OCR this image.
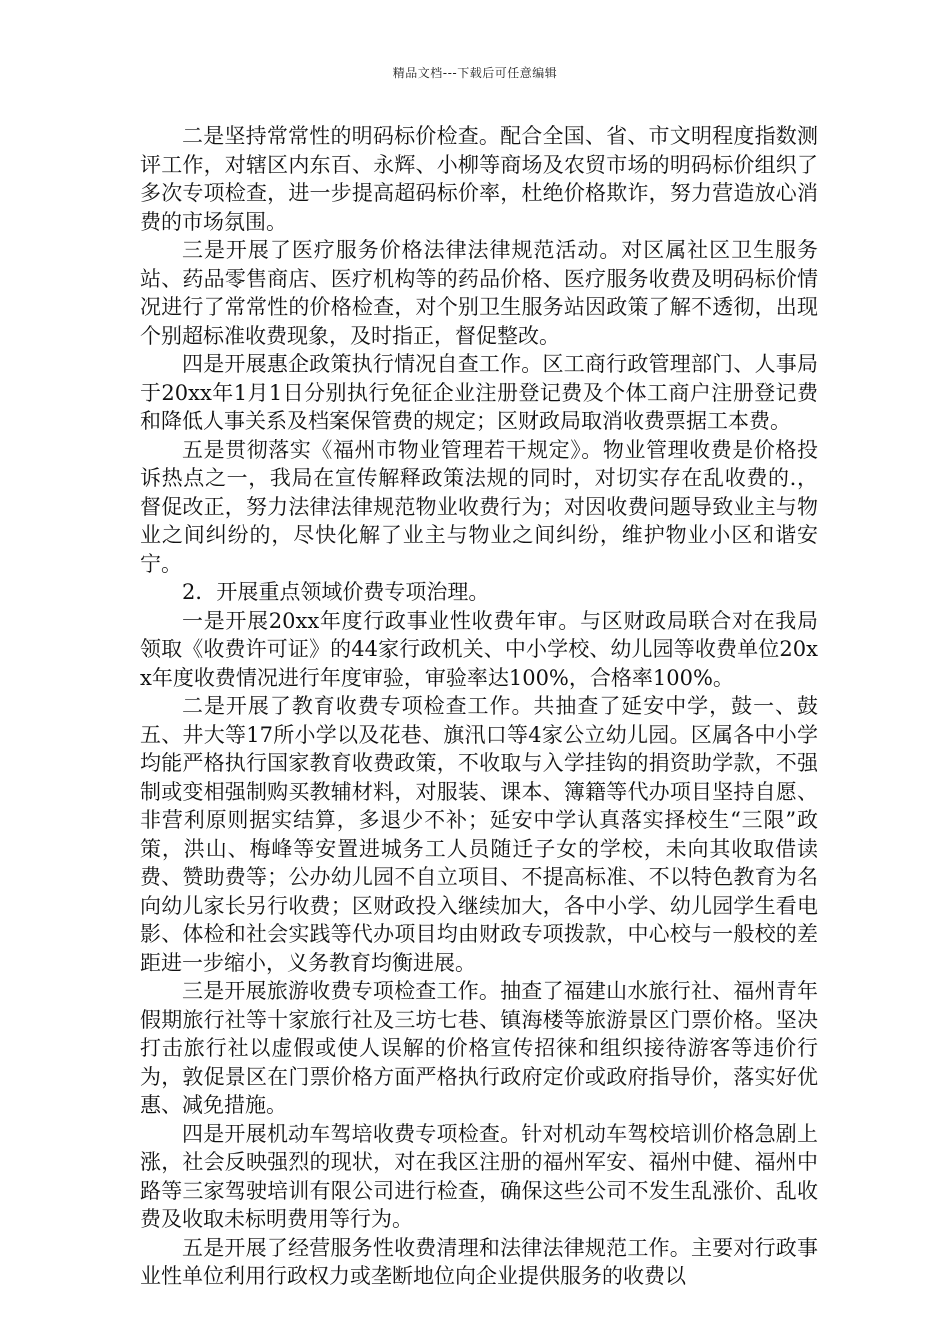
精品文档---下载后可任意编辑

二是坚持常常性的明码标价检查。配合全国、省、市文明程度指数测评工作，对辖区内东百、永辉、小柳等商场及农贸市场的明码标价组织了多次专项检查，进一步提高超码标价率，杜绝价格欺诈，努力营造放心消费的市场氛围。

三是开展了医疗服务价格法律法律规范活动。对区属社区卫生服务站、药品零售商店、医疗机构等的药品价格、医疗服务收费及明码标价情况进行了常常性的价格检查，对个别卫生服务站因政策了解不透彻，出现个别超标准收费现象，及时指正，督促整改。

四是开展惠企政策执行情况自查工作。区工商行政管理部门、人事局于20xx年1月1日分别执行免征企业注册登记费及个体工商户注册登记费和降低人事关系及档案保管费的规定；区财政局取消收费票据工本费。

五是贯彻落实《福州市物业管理若干规定》。物业管理收费是价格投诉热点之一，我局在宣传解释政策法规的同时，对切实存在乱收费的.，督促改正，努力法律法律规范物业收费行为；对因收费问题导致业主与物业之间纠纷的，尽快化解了业主与物业之间纠纷，维护物业小区和谐安宁。

2．开展重点领域价费专项治理。

一是开展20xx年度行政事业性收费年审。与区财政局联合对在我局领取《收费许可证》的44家行政机关、中小学校、幼儿园等收费单位20xx年度收费情况进行年度审验，审验率达100%，合格率100%。

二是开展了教育收费专项检查工作。共抽查了延安中学，鼓一、鼓五、井大等17所小学以及花巷、旗汛口等4家公立幼儿园。区属各中小学均能严格执行国家教育收费政策，不收取与入学挂钩的捐资助学款，不强制或变相强制购买教辅材料，对服装、课本、簿籍等代办项目坚持自愿、非营利原则据实结算，多退少不补；延安中学认真落实择校生“三限”政策，洪山、梅峰等安置进城务工人员随迁子女的学校，未向其收取借读费、赞助费等；公办幼儿园不自立项目、不提高标准、不以特色教育为名向幼儿家长另行收费；区财政投入继续加大，各中小学、幼儿园学生看电影、体检和社会实践等代办项目均由财政专项拨款，中心校与一般校的差距进一步缩小，义务教育均衡进展。

三是开展旅游收费专项检查工作。抽查了福建山水旅行社、福州青年假期旅行社等十家旅行社及三坊七巷、镇海楼等旅游景区门票价格。坚决打击旅行社以虚假或使人误解的价格宣传招徕和组织接待游客等违价行为，敦促景区在门票价格方面严格执行政府定价或政府指导价，落实好优惠、减免措施。

四是开展机动车驾培收费专项检查。针对机动车驾校培训价格急剧上涨，社会反映强烈的现状，对在我区注册的福州军安、福州中健、福州中路等三家驾驶培训有限公司进行检查，确保这些公司不发生乱涨价、乱收费及收取未标明费用等行为。

五是开展了经营服务性收费清理和法律法律规范工作。主要对行政事业性单位利用行政权力或垄断地位向企业提供服务的收费以
